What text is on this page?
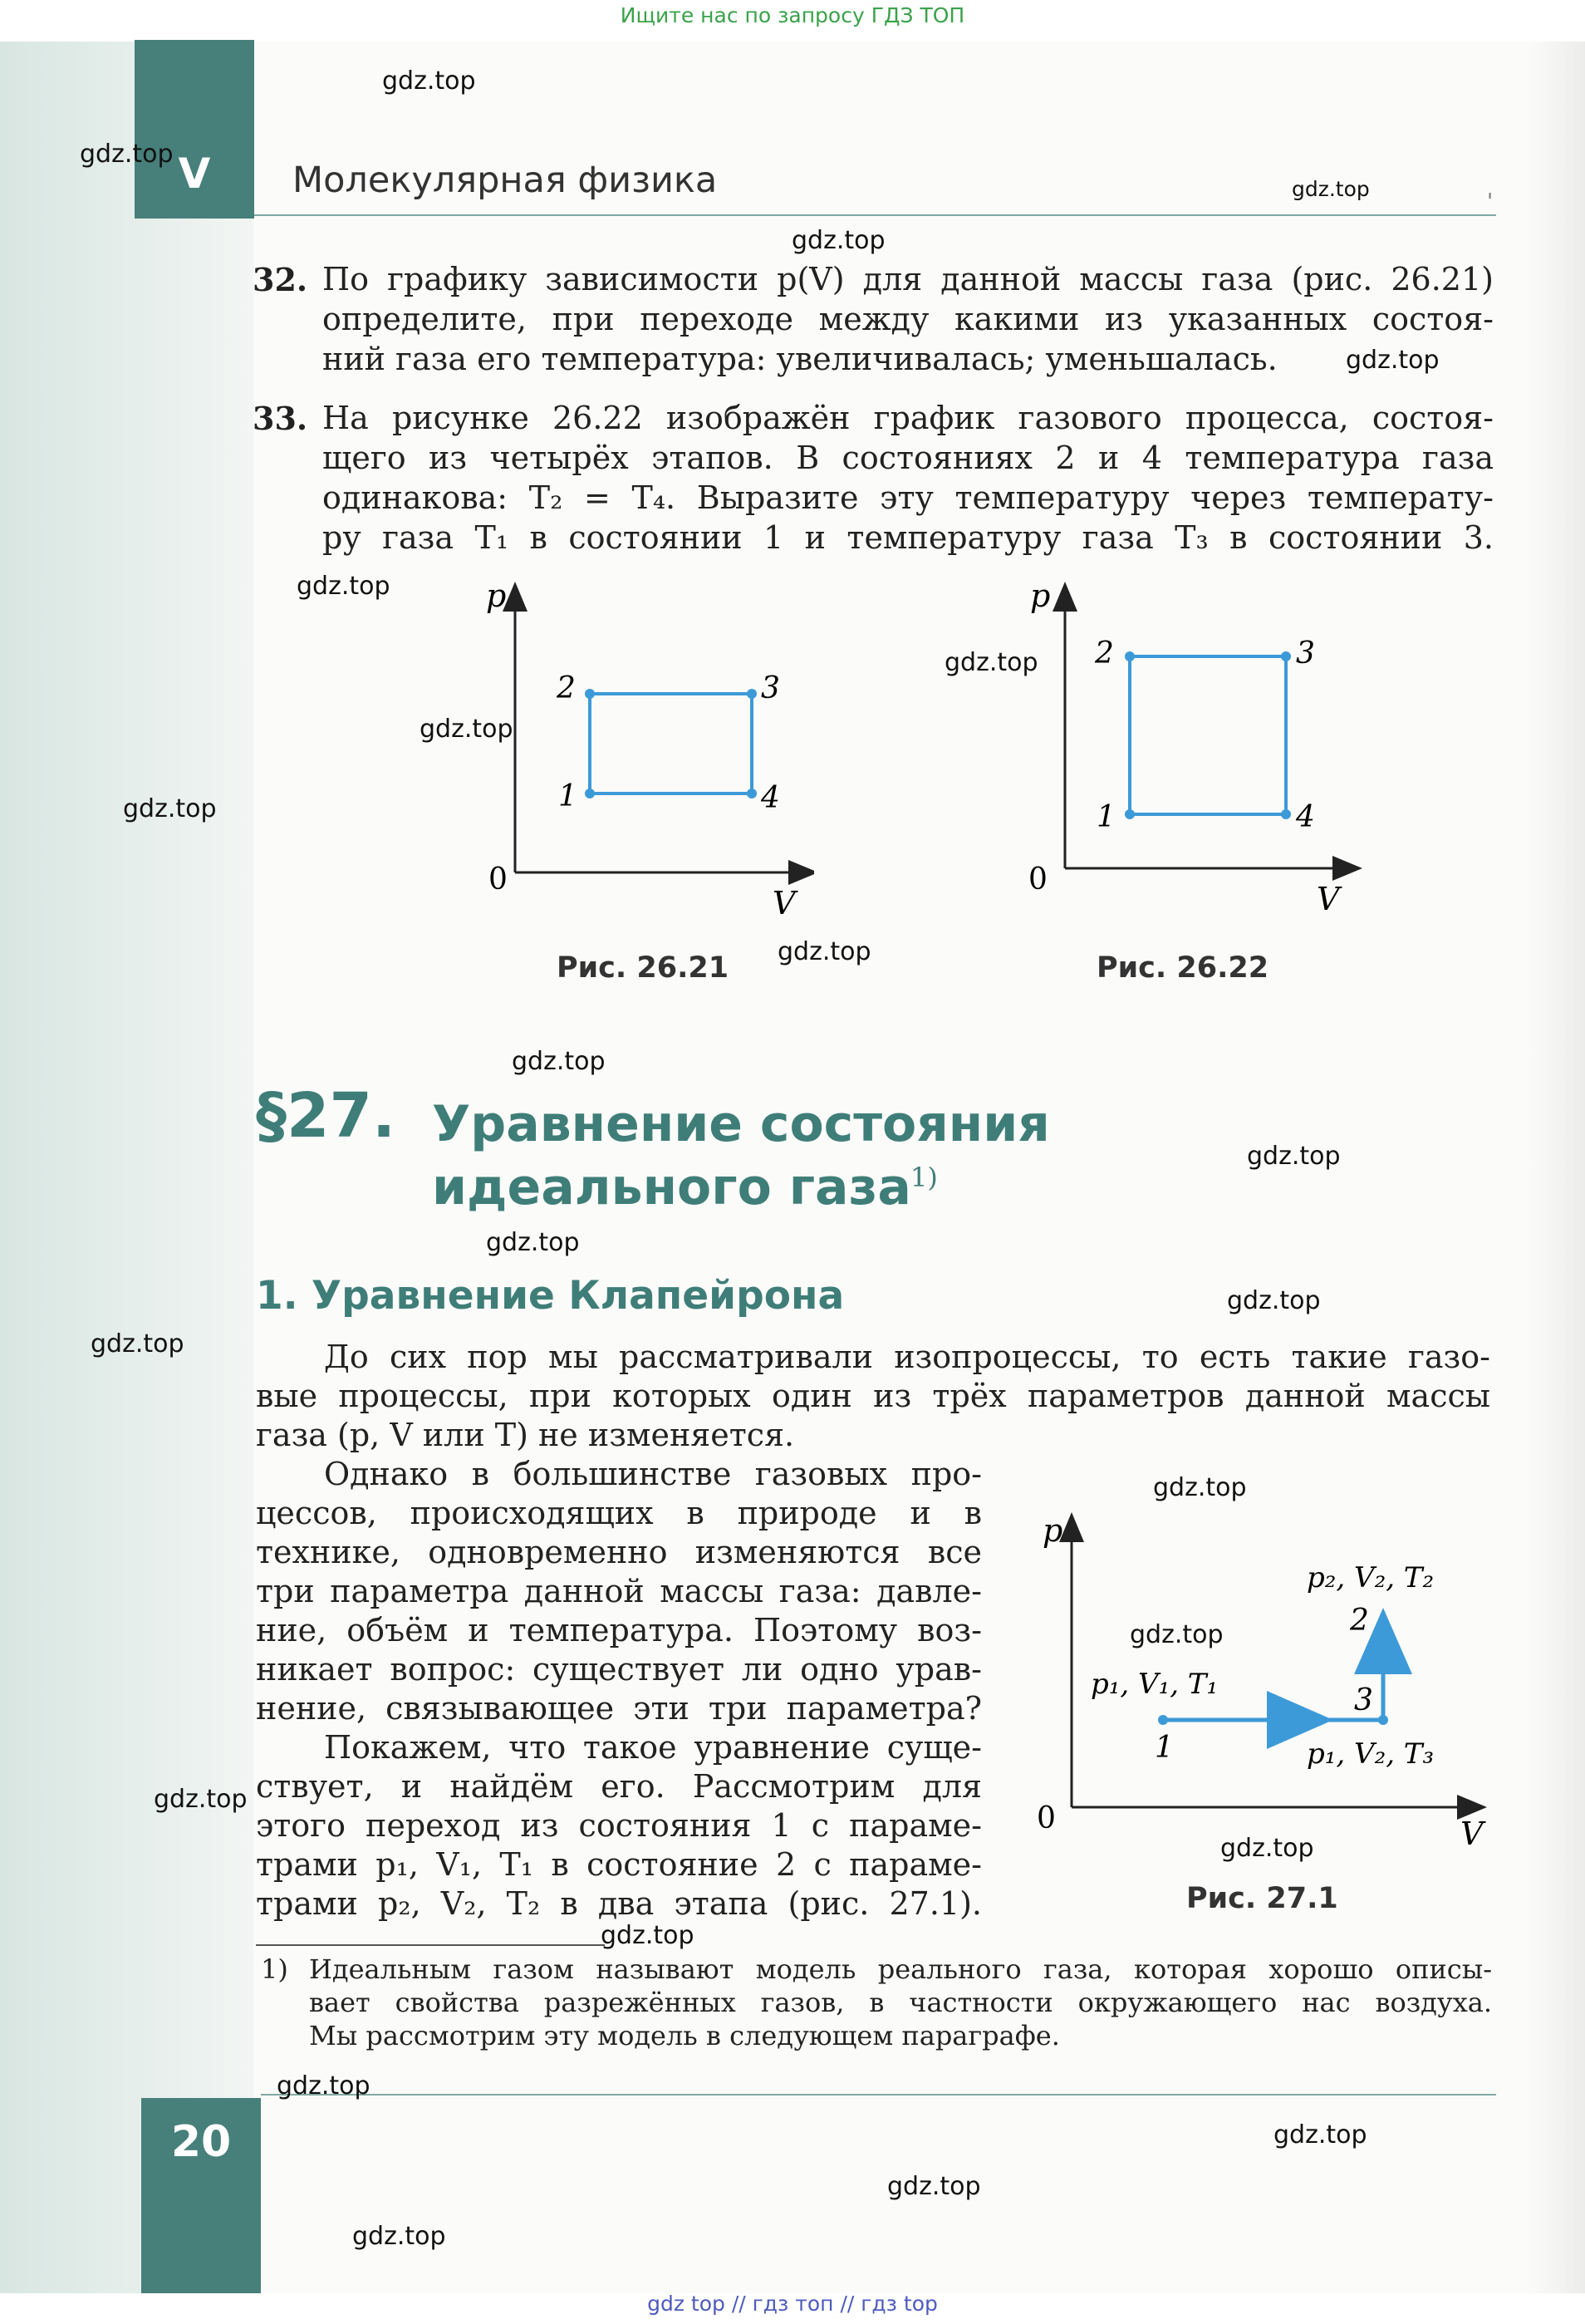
Ищите нас по запросу ГДЗ ТОП
V	Молекулярная физика
'
32. По графику зависимости p(V) для данной массы газа (рис. 26.21)
определите, при переходе между какими из указанных состоя-
ний газа его температура: увеличивалась; уменьшалась.
33. На рисунке 26.22 изображён график газового процесса, состоя-
щего из четырёх этапов. В состояниях 2 и 4 температура газа
одинакова: T₂ = T₄. Выразите эту температуру через температу-
ру газа T₁ в состоянии 1 и температуру газа T₃ в состоянии 3.
p
V
0
1
2	3
4
Рис. 26.21
p
V
0
1
2	3
4
Рис. 26.22
§27. Уравнение состояния
идеального газа 1)
1. Уравнение Клапейрона
До сих пор мы рассматривали изопроцессы, то есть такие газо-
вые процессы, при которых один из трёх параметров данной массы
газа (p, V или T) не изменяется.
Однако в большинстве газовых про-
цессов, происходящих в природе и в
технике, одновременно изменяются все
три параметра данной массы газа: давле-
ние, объём и температура. Поэтому воз-
никает вопрос: существует ли одно урав-
нение, связывающее эти три параметра?
Покажем, что такое уравнение суще-
ствует, и найдём его. Рассмотрим для
этого переход из состояния 1 с параме-
трами p₁, V₁, T₁ в состояние 2 с параме-
трами p₂, V₂, T₂ в два этапа (рис. 27.1).
p
V
0
p₁, V₁, T₁
p₂, V₂, T₂
p₁, V₂, T₃
1
2
3
Рис. 27.1
1) Идеальным газом называют модель реального газа, которая хорошо описы-
вает свойства разрежённых газов, в частности окружающего нас воздуха.
Мы рассмотрим эту модель в следующем параграфе.
20
gdz top // гдз топ // гдз top
gdz.top
gdz.top
gdz.top
gdz.top
gdz.top
gdz.top
gdz.top
gdz.top
gdz.top
gdz.top
gdz.top
gdz.top
gdz.top
gdz.top
gdz.top
gdz.top
gdz.top
gdz.top
gdz.top
gdz.top
gdz.top
gdz.top
gdz.top
gdz.top
